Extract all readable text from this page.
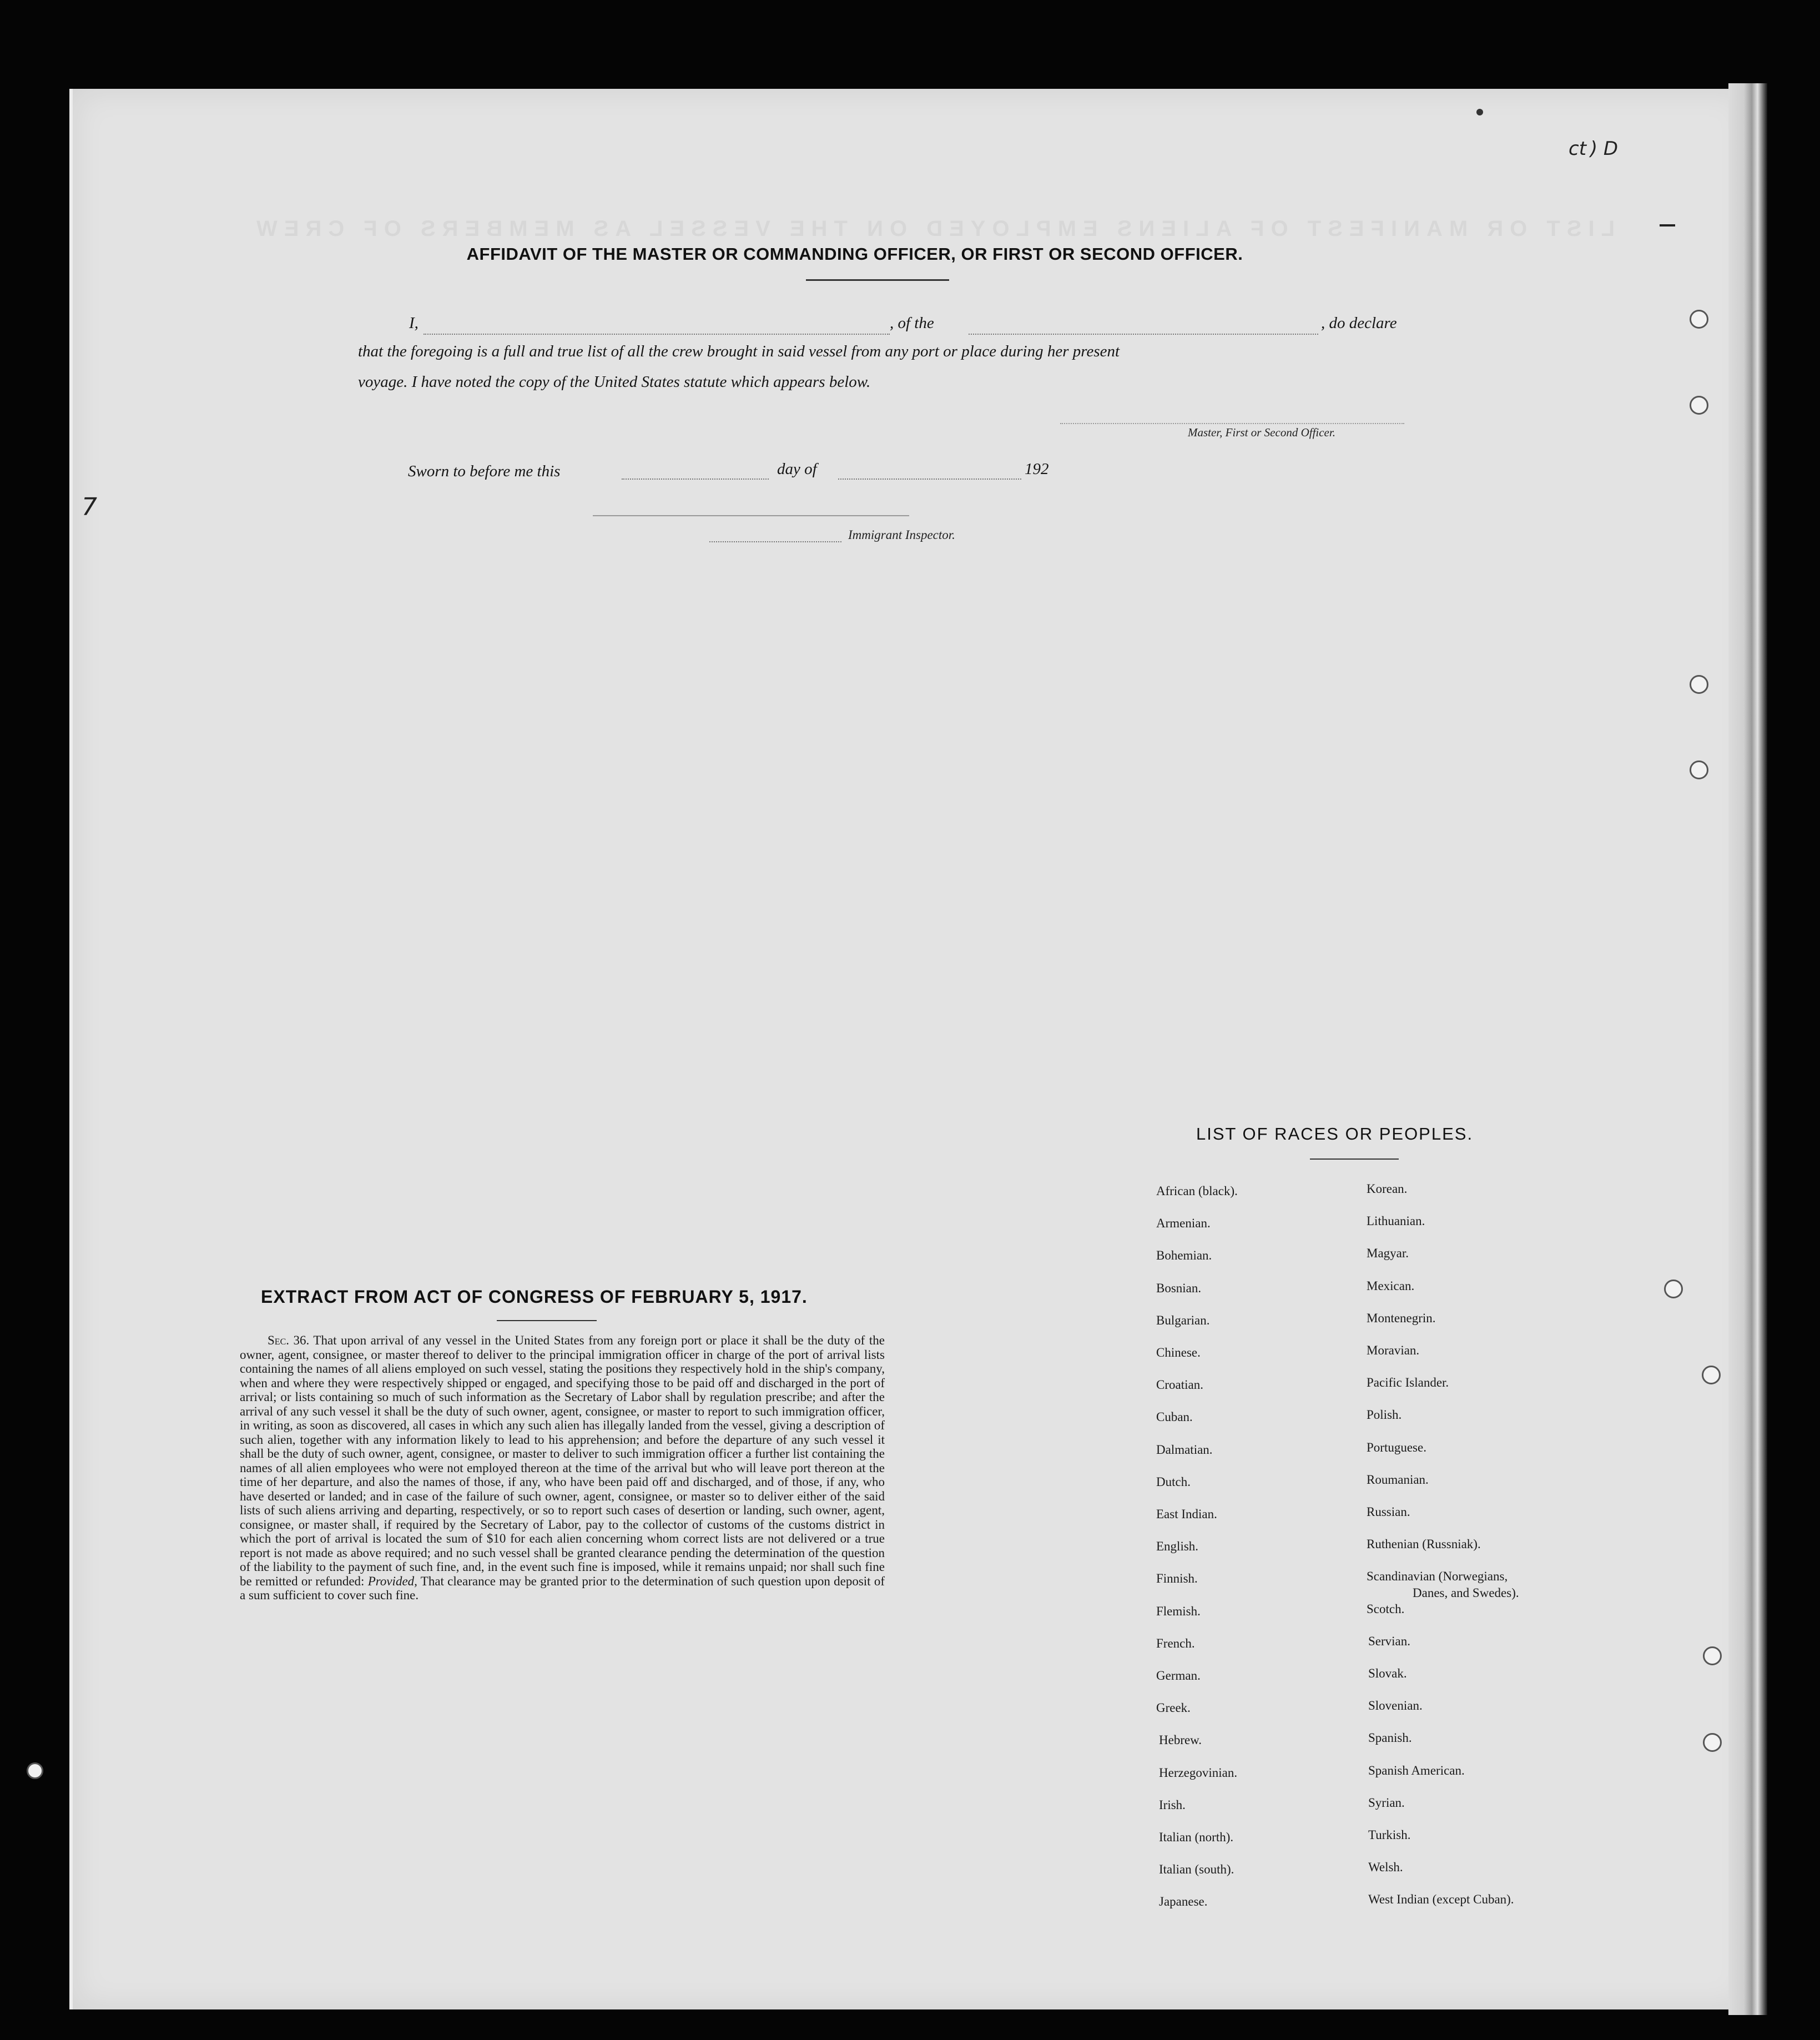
LIST OR MANIFEST OF ALIENS EMPLOYED ON THE VESSEL AS MEMBERS OF CREW
AFFIDAVIT OF THE MASTER OR COMMANDING OFFICER, OR FIRST OR SECOND OFFICER.
I,	, of the	, do declare
that the foregoing is a full and true list of all the crew brought in said vessel from any port or place during her present
voyage. I have noted the copy of the United States statute which appears below.
Master, First or Second Officer.
Sworn to before me this	day of	192
Immigrant Inspector.
EXTRACT FROM ACT OF CONGRESS OF FEBRUARY 5, 1917.
Sec. 36. That upon arrival of any vessel in the United States from any foreign port or place it shall be the duty of the owner, agent, consignee, or master thereof to deliver to the principal immigration officer in charge of the port of arrival lists containing the names of all aliens employed on such vessel, stating the positions they respectively hold in the ship's company, when and where they were respectively shipped or engaged, and specifying those to be paid off and discharged in the port of arrival; or lists containing so much of such information as the Secretary of Labor shall by regulation prescribe; and after the arrival of any such vessel it shall be the duty of such owner, agent, consignee, or master to report to such immigration officer, in writing, as soon as discovered, all cases in which any such alien has illegally landed from the vessel, giving a description of such alien, together with any information likely to lead to his apprehension; and before the departure of any such vessel it shall be the duty of such owner, agent, consignee, or master to deliver to such immigration officer a further list containing the names of all alien employees who were not employed thereon at the time of the arrival but who will leave port thereon at the time of her departure, and also the names of those, if any, who have been paid off and discharged, and of those, if any, who have deserted or landed; and in case of the failure of such owner, agent, consignee, or master so to deliver either of the said lists of such aliens arriving and departing, respectively, or so to report such cases of desertion or landing, such owner, agent, consignee, or master shall, if required by the Secretary of Labor, pay to the collector of customs of the customs district in which the port of arrival is located the sum of $10 for each alien concerning whom correct lists are not delivered or a true report is not made as above required; and no such vessel shall be granted clearance pending the determination of the question of the liability to the payment of such fine, and, in the event such fine is imposed, while it remains unpaid; nor shall such fine be remitted or refunded: Provided, That clearance may be granted prior to the determination of such question upon deposit of a sum sufficient to cover such fine.
LIST OF RACES OR PEOPLES.
African (black).
Armenian.
Bohemian.
Bosnian.
Bulgarian.
Chinese.
Croatian.
Cuban.
Dalmatian.
Dutch.
East Indian.
English.
Finnish.
Flemish.
French.
German.
Greek.
Hebrew.
Herzegovinian.
Irish.
Italian (north).
Italian (south).
Japanese.
Korean.
Lithuanian.
Magyar.
Mexican.
Montenegrin.
Moravian.
Pacific Islander.
Polish.
Portuguese.
Roumanian.
Russian.
Ruthenian (Russniak).
Scandinavian (Norwegians,
Danes, and Swedes).
Scotch.
Servian.
Slovak.
Slovenian.
Spanish.
Spanish American.
Syrian.
Turkish.
Welsh.
West Indian (except Cuban).
ct ) D
7
